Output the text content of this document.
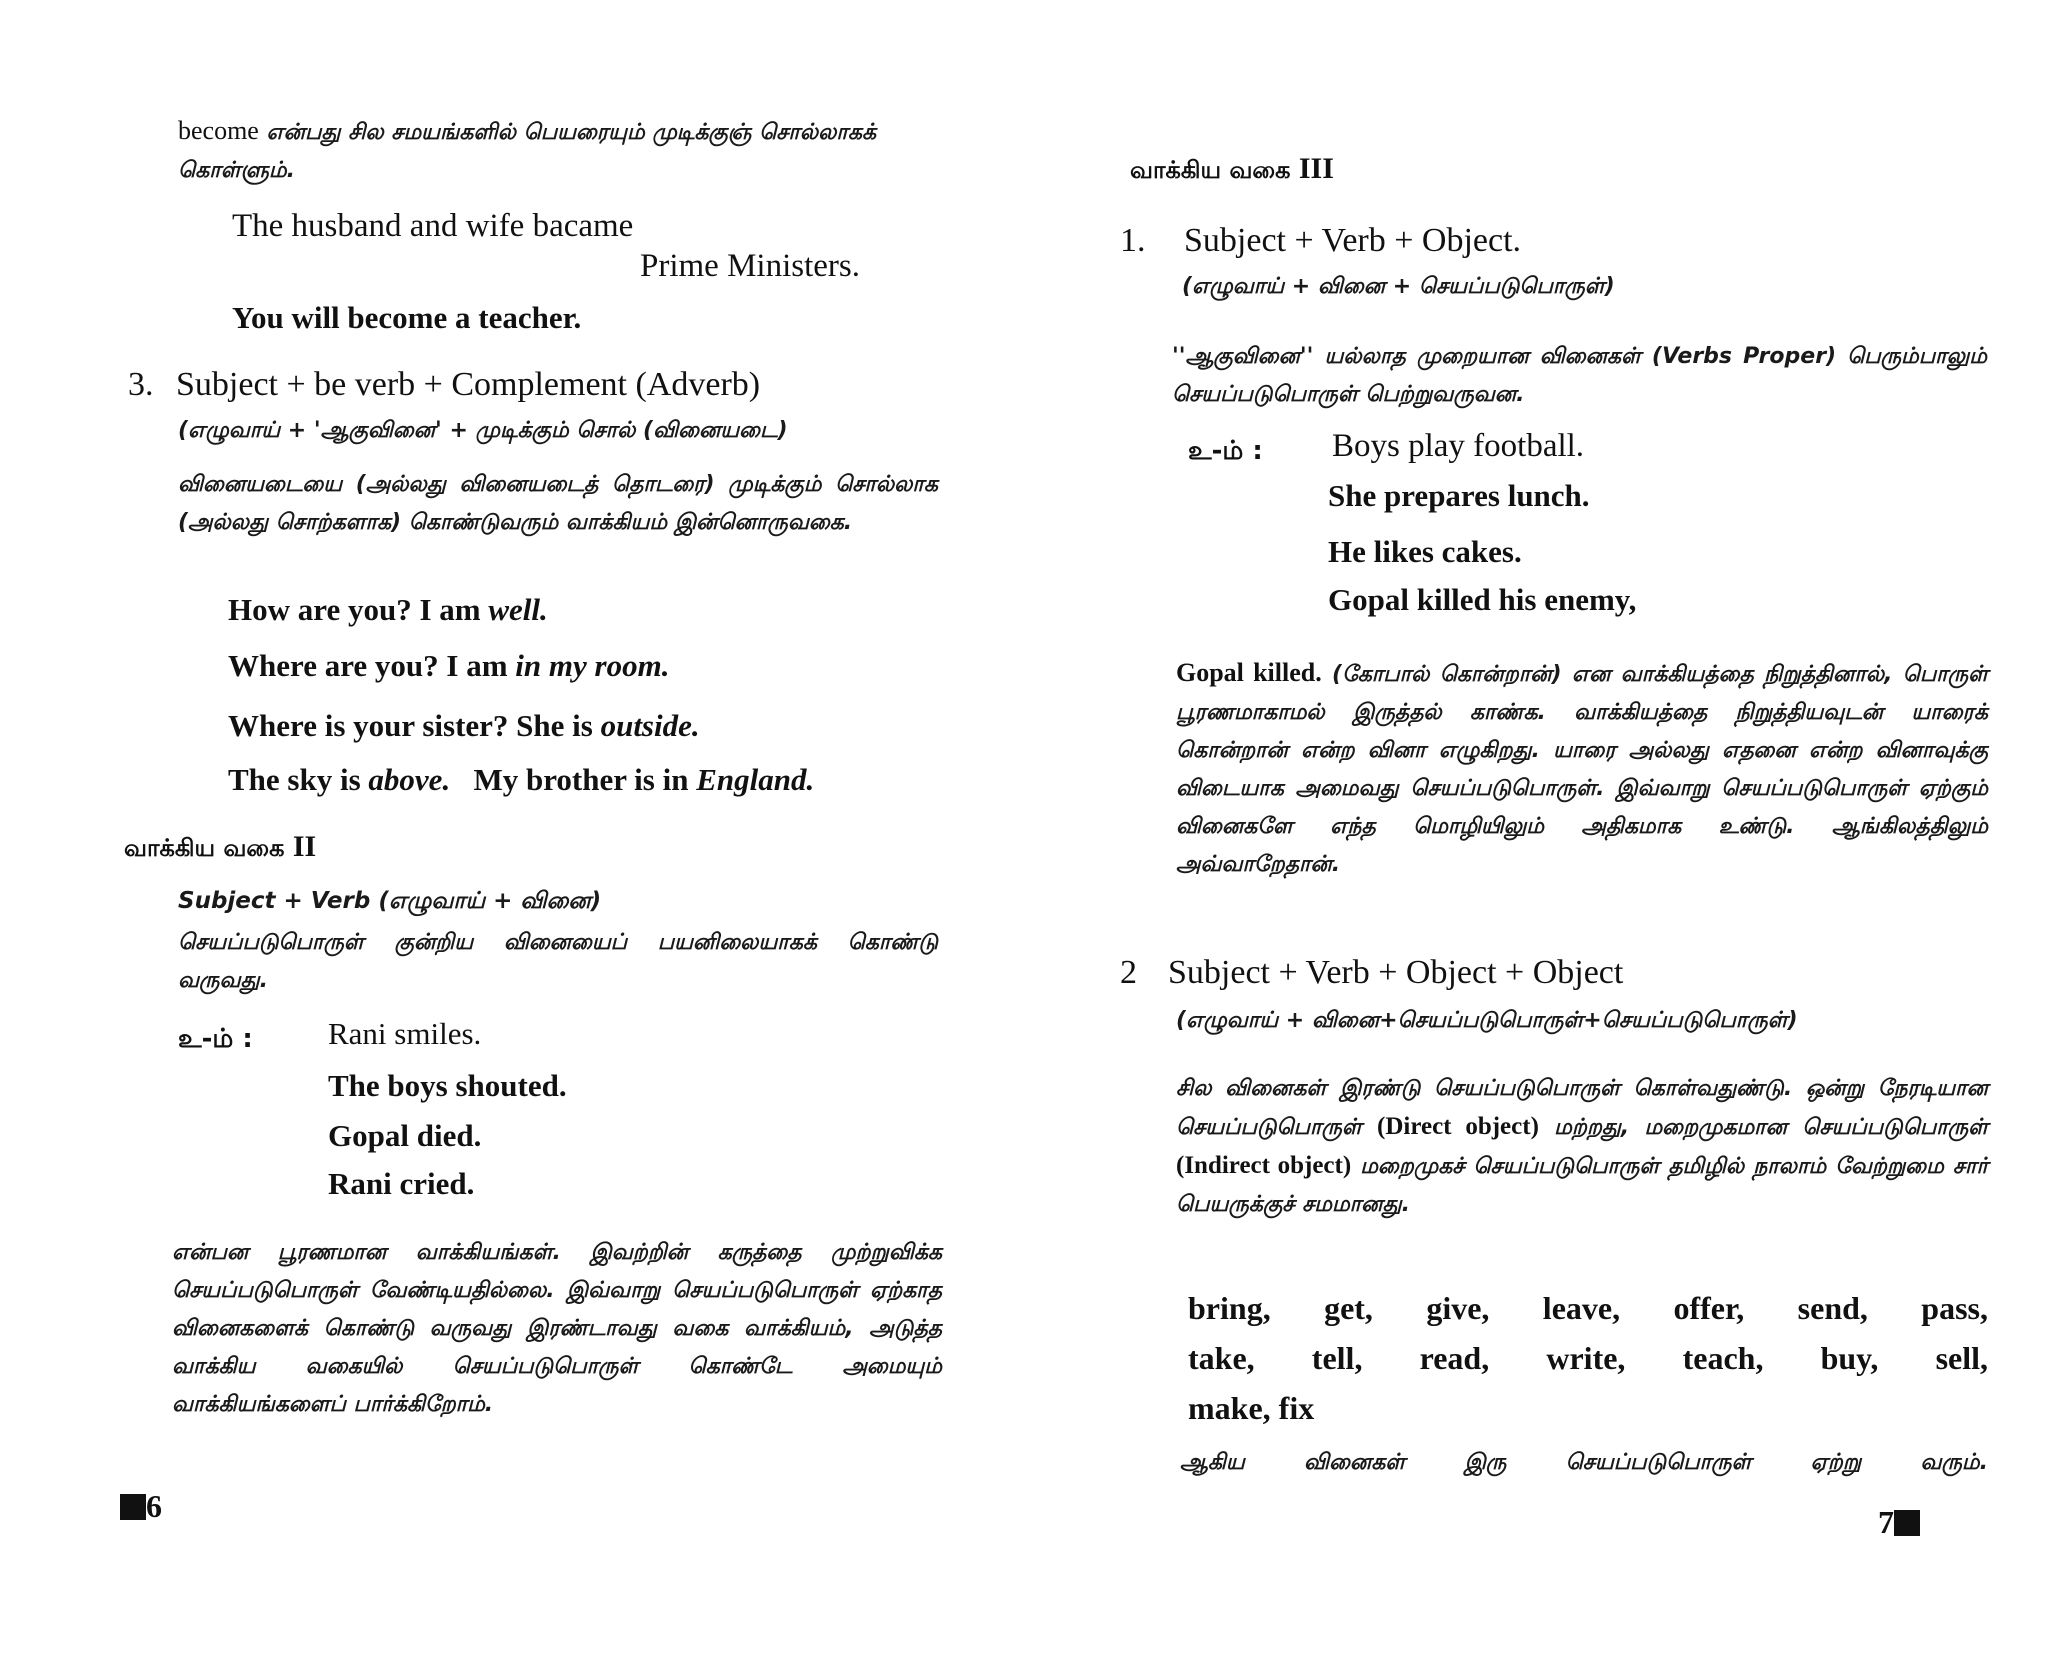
become என்பது சில சமயங்களில் பெயரையும் முடிக்குஞ் சொல்லாகக் கொள்ளும்.
The husband and wife bacame
Prime Ministers.
You will become a teacher.
3. Subject + be verb + Complement (Adverb)
(எழுவாய் + 'ஆகுவினை' + முடிக்கும் சொல் (வினையடை)
வினையடையை (அல்லது வினையடைத் தொடரை) முடிக்கும் சொல்லாக (அல்லது சொற்களாக) கொண்டுவரும் வாக்கியம் இன்னொருவகை.
How are you? I am well.
Where are you? I am in my room.
Where is your sister? She is outside.
The sky is above. My brother is in England.
வாக்கிய வகை II
Subject + Verb (எழுவாய் + வினை)
செயப்படுபொருள் குன்றிய வினையைப் பயனிலையாகக் கொண்டு வருவது.
உ-ம் : Rani smiles.
The boys shouted.
Gopal died.
Rani cried.
என்பன பூரணமான வாக்கியங்கள். இவற்றின் கருத்தை முற்றுவிக்க செயப்படுபொருள் வேண்டியதில்லை. இவ்வாறு செயப்படுபொருள் ஏற்காத வினைகளைக் கொண்டு வருவது இரண்டாவது வகை வாக்கியம், அடுத்த வாக்கிய வகையில் செயப்படுபொருள் கொண்டே அமையும் வாக்கியங்களைப் பார்க்கிறோம்.
6
வாக்கிய வகை III
1. Subject + Verb + Object.
(எழுவாய் + வினை + செயப்படுபொருள்)
''ஆகுவினை'' யல்லாத முறையான வினைகள் (Verbs Proper) பெரும்பாலும் செயப்படுபொருள் பெற்றுவருவன.
உ-ம் : Boys play football.
She prepares lunch.
He likes cakes.
Gopal killed his enemy,
Gopal killed. (கோபால் கொன்றான்) என வாக்கியத்தை நிறுத்தினால், பொருள் பூரணமாகாமல் இருத்தல் காண்க. வாக்கியத்தை நிறுத்தியவுடன் யாரைக் கொன்றான் என்ற வினா எழுகிறது. யாரை அல்லது எதனை என்ற வினாவுக்கு விடையாக அமைவது செயப்படுபொருள். இவ்வாறு செயப்படுபொருள் ஏற்கும் வினைகளே எந்த மொழியிலும் அதிகமாக உண்டு. ஆங்கிலத்திலும் அவ்வாறேதான்.
2 Subject + Verb + Object + Object
(எழுவாய் + வினை+செயப்படுபொருள்+செயப்படுபொருள்)
சில வினைகள் இரண்டு செயப்படுபொருள் கொள்வதுண்டு. ஒன்று நேரடியான செயப்படுபொருள் (Direct object) மற்றது, மறைமுகமான செயப்படுபொருள் (Indirect object) மறைமுகச் செயப்படுபொருள் தமிழில் நாலாம் வேற்றுமை சார் பெயருக்குச் சமமானது.
bring, get, give, leave, offer, send, pass,
take, tell, read, write, teach, buy, sell,
make, fix
ஆகிய வினைகள் இரு செயப்படுபொருள் ஏற்று வரும்.
7
